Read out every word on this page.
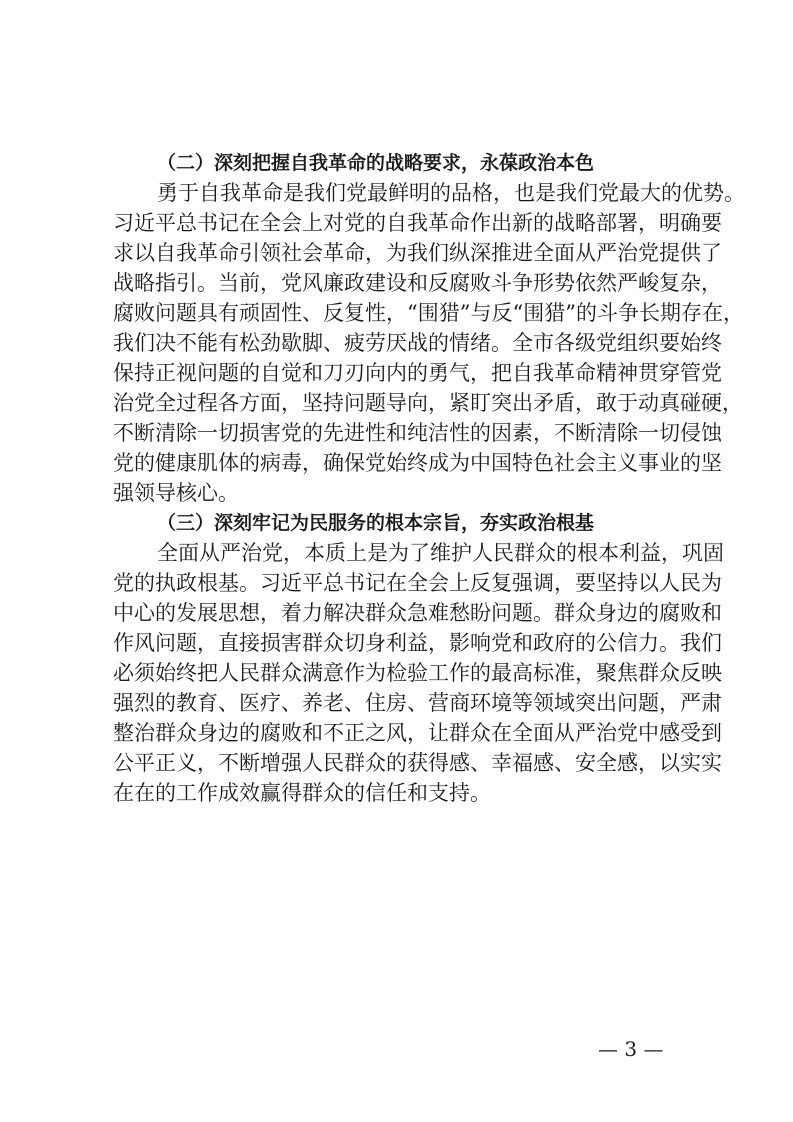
（二）深刻把握自我革命的战略要求，永葆政治本色

勇于自我革命是我们党最鲜明的品格，也是我们党最大的优势。

习近平总书记在全会上对党的自我革命作出新的战略部署，明确要

求以自我革命引领社会革命，为我们纵深推进全面从严治党提供了

战略指引。当前，党风廉政建设和反腐败斗争形势依然严峻复杂，

腐败问题具有顽固性、反复性，“围猎”与反“围猎”的斗争长期存在，

我们决不能有松劲歇脚、疲劳厌战的情绪。全市各级党组织要始终

保持正视问题的自觉和刀刃向内的勇气，把自我革命精神贯穿管党

治党全过程各方面，坚持问题导向，紧盯突出矛盾，敢于动真碰硬，

不断清除一切损害党的先进性和纯洁性的因素，不断清除一切侵蚀

党的健康肌体的病毒，确保党始终成为中国特色社会主义事业的坚

强领导核心。

（三）深刻牢记为民服务的根本宗旨，夯实政治根基

全面从严治党，本质上是为了维护人民群众的根本利益，巩固

党的执政根基。习近平总书记在全会上反复强调，要坚持以人民为

中心的发展思想，着力解决群众急难愁盼问题。群众身边的腐败和

作风问题，直接损害群众切身利益，影响党和政府的公信力。我们

必须始终把人民群众满意作为检验工作的最高标准，聚焦群众反映

强烈的教育、医疗、养老、住房、营商环境等领域突出问题，严肃

整治群众身边的腐败和不正之风，让群众在全面从严治党中感受到

公平正义，不断增强人民群众的获得感、幸福感、安全感，以实实

在在的工作成效赢得群众的信任和支持。

— 3 —
